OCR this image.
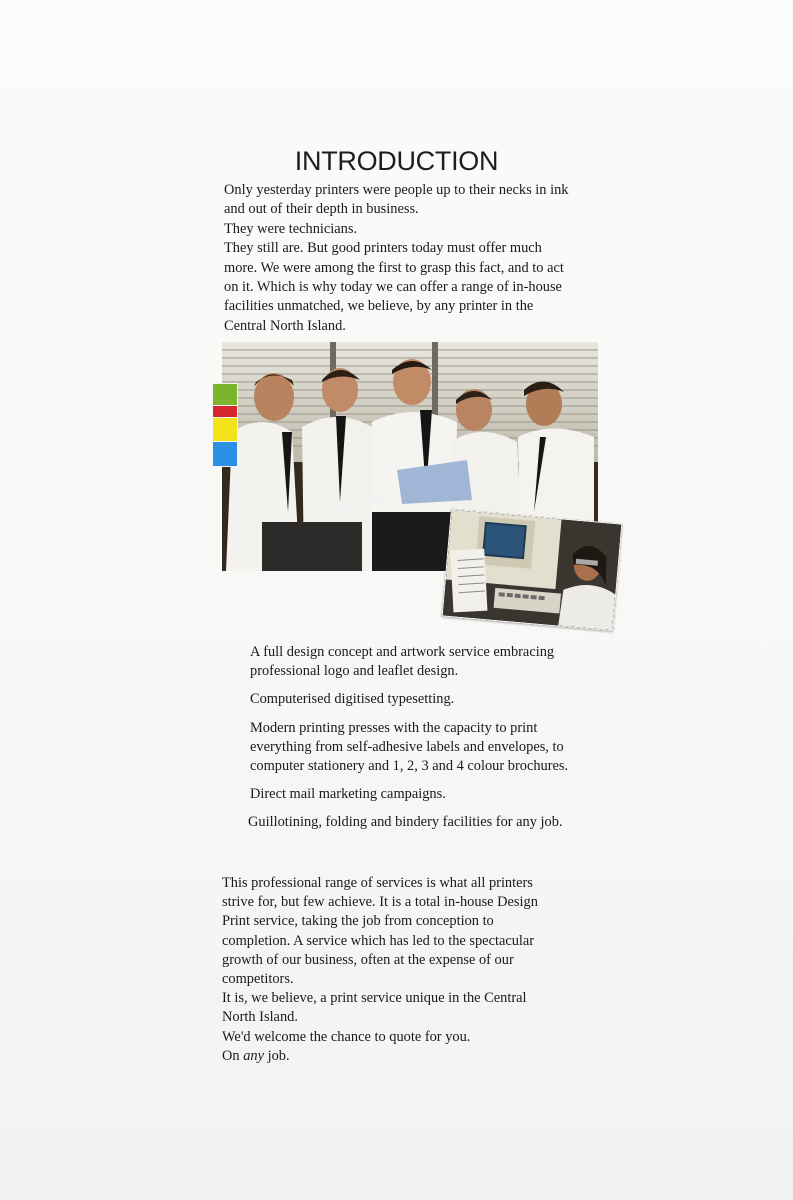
INTRODUCTION

Only yesterday printers were people up to their necks in ink and out of their depth in business.

They were technicians.

They still are. But good printers today must offer much more. We were among the first to grasp this fact, and to act on it. Which is why today we can offer a range of in-house facilities unmatched, we believe, by any printer in the Central North Island.

A full design concept and artwork service embracing professional logo and leaflet design.

Computerised digitised typesetting.

Modern printing presses with the capacity to print everything from self-adhesive labels and envelopes, to computer stationery and 1, 2, 3 and 4 colour brochures.

Direct mail marketing campaigns.

Guillotining, folding and bindery facilities for any job.

This professional range of services is what all printers strive for, but few achieve. It is a total in-house Design Print service, taking the job from conception to completion. A service which has led to the spectacular growth of our business, often at the expense of our competitors.

It is, we believe, a print service unique in the Central North Island.

We'd welcome the chance to quote for you.

On any job.
